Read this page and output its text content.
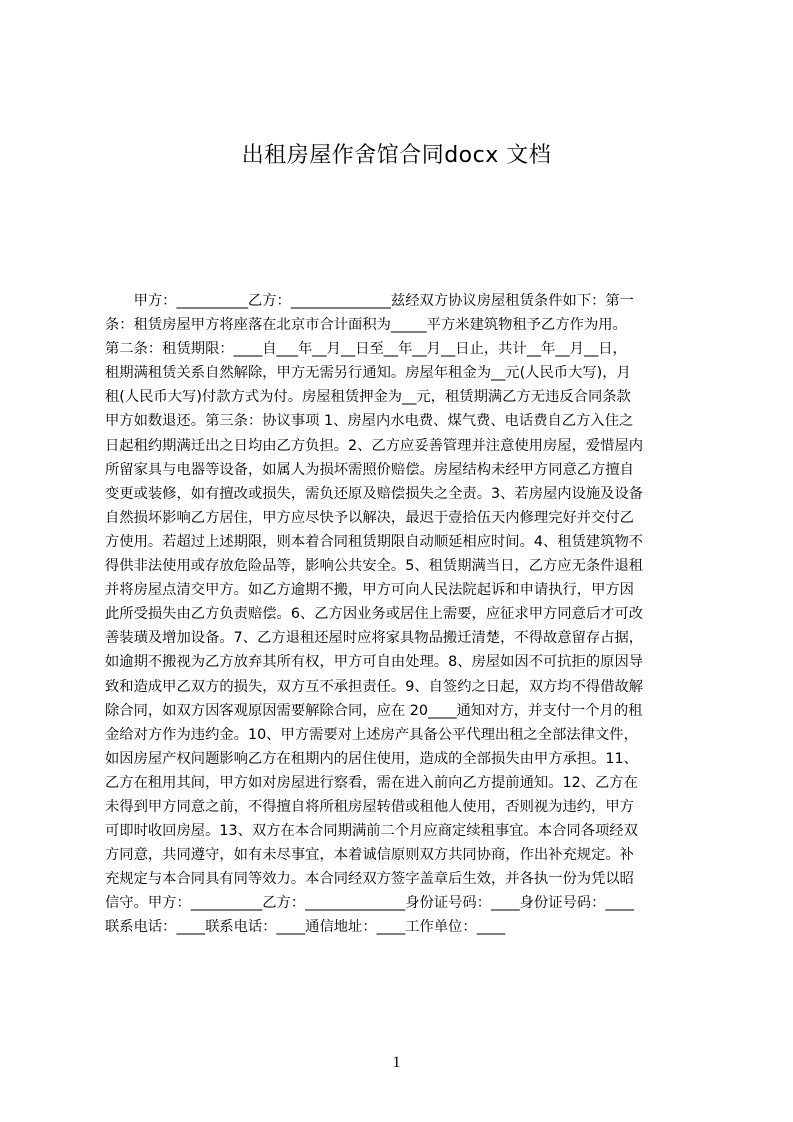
出租房屋作舍馆合同docx 文档
　　甲方：__________乙方：______________兹经双方协议房屋租赁条件如下：第一
条：租赁房屋甲方将座落在北京市合计面积为_____平方米建筑物租予乙方作为用。
第二条：租赁期限：____自___年__月__日至__年__月__日止，共计__年__月__日，
租期满租赁关系自然解除，甲方无需另行通知。房屋年租金为__元(人民币大写)，月
租(人民币大写)付款方式为付。房屋租赁押金为__元，租赁期满乙方无违反合同条款
甲方如数退还。第三条：协议事项 1、房屋内水电费、煤气费、电话费自乙方入住之
日起租约期满迁出之日均由乙方负担。2、乙方应妥善管理并注意使用房屋，爱惜屋内
所留家具与电器等设备，如属人为损坏需照价赔偿。房屋结构未经甲方同意乙方擅自
变更或装修，如有擅改或损失，需负还原及赔偿损失之全责。3、若房屋内设施及设备
自然损坏影响乙方居住，甲方应尽快予以解决，最迟于壹拾伍天内修理完好并交付乙
方使用。若超过上述期限，则本着合同租赁期限自动顺延相应时间。4、租赁建筑物不
得供非法使用或存放危险品等，影响公共安全。5、租赁期满当日，乙方应无条件退租
并将房屋点清交甲方。如乙方逾期不搬，甲方可向人民法院起诉和申请执行，甲方因
此所受损失由乙方负责赔偿。6、乙方因业务或居住上需要，应征求甲方同意后才可改
善装璜及增加设备。7、乙方退租还屋时应将家具物品搬迁清楚，不得故意留存占据，
如逾期不搬视为乙方放弃其所有权，甲方可自由处理。8、房屋如因不可抗拒的原因导
致和造成甲乙双方的损失，双方互不承担责任。9、自签约之日起，双方均不得借故解
除合同，如双方因客观原因需要解除合同，应在 20____通知对方，并支付一个月的租
金给对方作为违约金。10、甲方需要对上述房产具备公平代理出租之全部法律文件，
如因房屋产权问题影响乙方在租期内的居住使用，造成的全部损失由甲方承担。11、
乙方在租用其间，甲方如对房屋进行察看，需在进入前向乙方提前通知。12、乙方在
未得到甲方同意之前，不得擅自将所租房屋转借或租他人使用，否则视为违约，甲方
可即时收回房屋。13、双方在本合同期满前二个月应商定续租事宜。本合同各项经双
方同意，共同遵守，如有未尽事宜，本着诚信原则双方共同协商，作出补充规定。补
充规定与本合同具有同等效力。本合同经双方签字盖章后生效，并各执一份为凭以昭
信守。甲方：__________乙方：______________身份证号码：____身份证号码：____
联系电话：____联系电话：____通信地址：____工作单位：____
1
